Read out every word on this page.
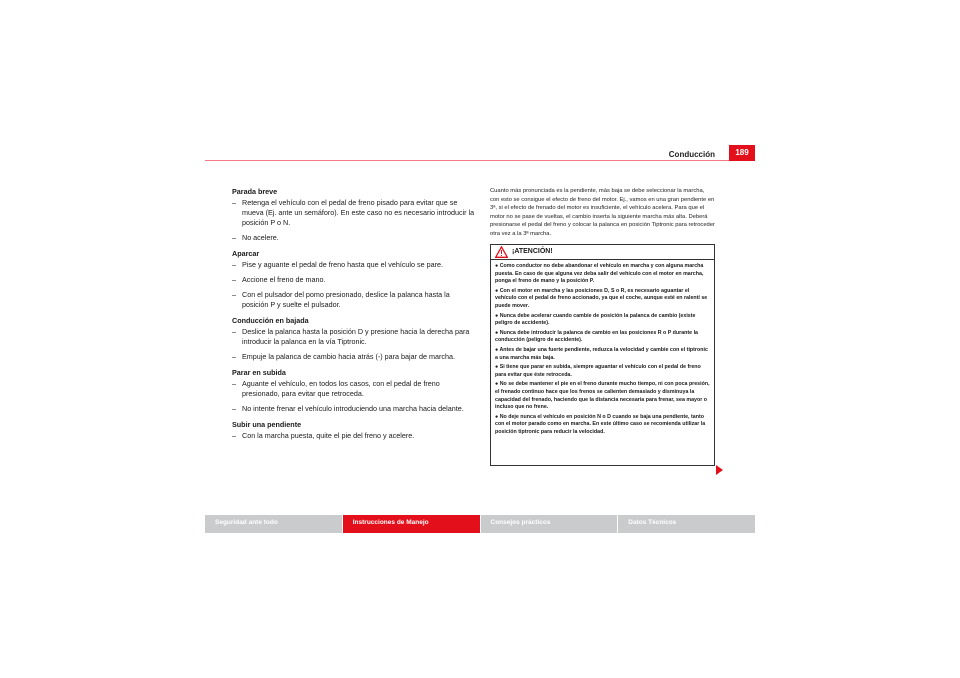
Conducción	189
Parada breve
– Retenga el vehículo con el pedal de freno pisado para evitar que se mueva (Ej. ante un semáforo). En este caso no es necesario introducir la posición P o N.
– No acelere.
Aparcar
– Pise y aguante el pedal de freno hasta que el vehículo se pare.
– Accione el freno de mano.
– Con el pulsador del pomo presionado, deslice la palanca hasta la posición P y suelte el pulsador.
Conducción en bajada
– Deslice la palanca hasta la posición D y presione hacia la derecha para introducir la palanca en la vía Tiptronic.
– Empuje la palanca de cambio hacia atrás (-) para bajar de marcha.
Parar en subida
– Aguante el vehículo, en todos los casos, con el pedal de freno presionado, para evitar que retroceda.
– No intente frenar el vehículo introduciendo una marcha hacia delante.
Subir una pendiente
– Con la marcha puesta, quite el pie del freno y acelere.

Cuanto más pronunciada es la pendiente, más baja se debe seleccionar la marcha, con esto se consigue el efecto de freno del motor. Ej., vamos en una gran pendiente en 3ª, si el efecto de frenado del motor es insuficiente, el vehículo acelera. Para que el motor no se pase de vueltas, el cambio inserta la siguiente marcha más alta. Deberá presionarse el pedal del freno y colocar la palanca en posición Tiptronic para retroceder otra vez a la 3ª marcha.

¡ATENCIÓN!
● Como conductor no debe abandonar el vehículo en marcha y con alguna marcha puesta. En caso de que alguna vez deba salir del vehículo con el motor en marcha, ponga el freno de mano y la posición P.
● Con el motor en marcha y las posiciones D, S o R, es necesario aguantar el vehículo con el pedal de freno accionado, ya que el coche, aunque esté en ralentí se puede mover.
● Nunca debe acelerar cuando cambie de posición la palanca de cambio (existe peligro de accidente).
● Nunca debe introducir la palanca de cambio en las posiciones R o P durante la conducción (peligro de accidente).
● Antes de bajar una fuerte pendiente, reduzca la velocidad y cambie con el tiptronic a una marcha más baja.
● Si tiene que parar en subida, siempre aguantar el vehículo con el pedal de freno para evitar que éste retroceda.
● No se debe mantener el pie en el freno durante mucho tiempo, ni con poca presión, el frenado continuo hace que los frenos se calienten demasiado y disminuya la capacidad del frenado, haciendo que la distancia necesaria para frenar, sea mayor o incluso que no frene.
● No deje nunca el vehículo en posición N o D cuando se baja una pendiente, tanto con el motor parado como en marcha. En este último caso se recomienda utilizar la posición tiptronic para reducir la velocidad.
Seguridad ante todo	Instrucciones de Manejo	Consejos prácticos	Datos Técnicos
